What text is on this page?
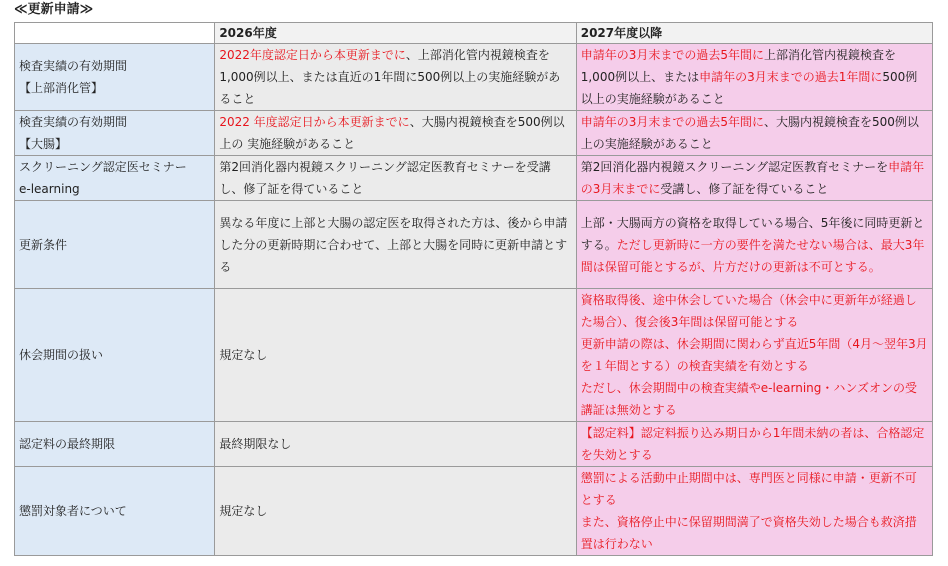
≪更新申請≫
	2026年度	2027年度以降
検査実績の有効期間
【上部消化管】	2022年度認定日から本更新までに、上部消化管内視鏡検査を1,000例以上、または直近の1年間に500例以上の実施経験があること	申請年の3月末までの過去5年間に上部消化管内視鏡検査を1,000例以上、または申請年の3月末までの過去1年間に500例以上の実施経験があること
検査実績の有効期間
【大腸】	2022 年度認定日から本更新までに、大腸内視鏡検査を500例以上の 実施経験があること	申請年の3月末までの過去5年間に、大腸内視鏡検査を500例以上の実施経験があること
スクリーニング認定医セミナー
e-learning	第2回消化器内視鏡スクリーニング認定医教育セミナーを受講し、修了証を得ていること	第2回消化器内視鏡スクリーニング認定医教育セミナーを申請年の3月末までに受講し、修了証を得ていること
更新条件	異なる年度に上部と大腸の認定医を取得された方は、後から申請した分の更新時期に合わせて、上部と大腸を同時に更新申請とする	上部・大腸両方の資格を取得している場合、5年後に同時更新とする。ただし更新時に一方の要件を満たせない場合は、最大3年間は保留可能とするが、片方だけの更新は不可とする。
休会期間の扱い	規定なし	資格取得後、途中休会していた場合（休会中に更新年が経過した場合）、復会後3年間は保留可能とする
更新申請の際は、休会期間に関わらず直近5年間（4月～翌年3月を１年間とする）の検査実績を有効とする
ただし、休会期間中の検査実績やe-learning・ハンズオンの受講証は無効とする
認定料の最終期限	最終期限なし	【認定料】認定料振り込み期日から1年間未納の者は、合格認定を失効とする
懲罰対象者について	規定なし	懲罰による活動中止期間中は、専門医と同様に申請・更新不可とする
また、資格停止中に保留期間満了で資格失効した場合も救済措置は行わない
